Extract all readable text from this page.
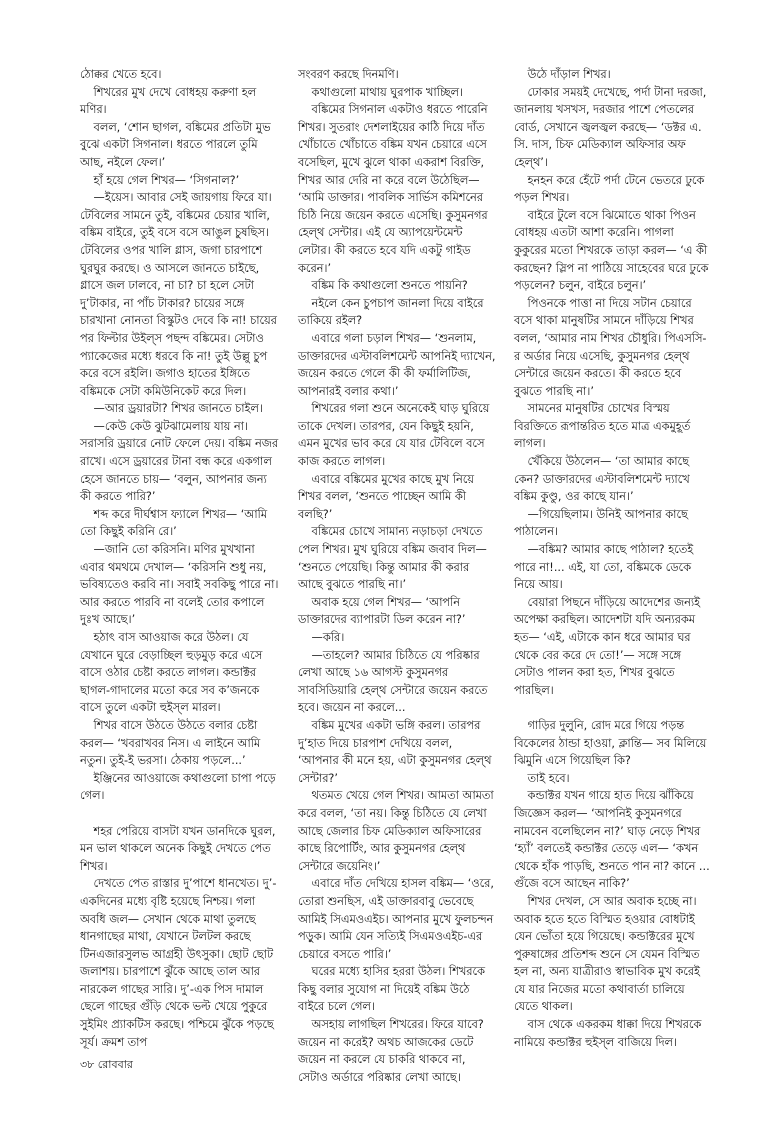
ঠোক্কর খেতে হবে।

শিখরের মুখ দেখে বোধহয় করুণা হল মণির।

বলল, ‘শোন ছাগল, বঙ্কিমের প্রতিটা মুভ বুঝে একটা সিগনাল। ধরতে পারলে তুমি আছ, নইলে ফেল।’

হাঁ হয়ে গেল শিখর— ‘সিগনাল?’

—ইয়েস। আবার সেই জায়গায় ফিরে যা। টেবিলের সামনে তুই, বঙ্কিমের চেয়ার খালি, বঙ্কিম বাইরে, তুই বসে বসে আঙুল চুষছিস। টেবিলের ওপর খালি গ্লাস, জগা চারপাশে ঘুরঘুর করছে। ও আসলে জানতে চাইছে, গ্লাসে জল ঢালবে, না চা? চা হলে সেটা দু’টাকার, না পাঁচ টাকার? চায়ের সঙ্গে চারখানা নোনতা বিস্কুটও দেবে কি না! চায়ের পর ফিল্টার উইল্‌স পছন্দ বঙ্কিমের। সেটাও প্যাকেজের মধ্যে ধরবে কি না! তুই উল্লু চুপ করে বসে রইলি। জগাও হাতের ইঙ্গিতে বঙ্কিমকে সেটা কমিউনিকেট করে দিল।

—আর ড্রয়ারটা? শিখর জানতে চাইল।

—কেউ কেউ ঝুটঝামেলায় যায় না। সরাসরি ড্রয়ারে নোট ফেলে দেয়। বঙ্কিম নজর রাখে। এসে ড্রয়ারের টানা বন্ধ করে একগাল হেসে জানতে চায়— ‘বলুন, আপনার জন্য কী করতে পারি?’

শব্দ করে দীর্ঘশ্বাস ফ্যালে শিখর— ‘আমি তো কিছুই করিনি রে।’

—জানি তো করিসনি। মণির মুখখানা এবার থমথমে দেখাল— ‘করিসনি শুধু নয়, ভবিষ্যতেও করবি না। সবাই সবকিছু পারে না। আর করতে পারবি না বলেই তোর কপালে দুঃখ আছে।’

হঠাৎ বাস আওয়াজ করে উঠল। যে যেখানে ঘুরে বেড়াচ্ছিল হুড়মুড় করে এসে বাসে ওঠার চেষ্টা করতে লাগল। কন্ডাক্টর ছাগল-গাদালের মতো করে সব ক’জনকে বাসে তুলে একটা হুইস্‌ল মারল।

শিখর বাসে উঠতে উঠতে বলার চেষ্টা করল— ‘খবরাখবর নিস। এ লাইনে আমি নতুন। তুই-ই ভরসা। ঠেকায় পড়লে...’

ইঞ্জিনের আওয়াজে কথাগুলো চাপা পড়ে গেল।

শহর পেরিয়ে বাসটা যখন ডানদিকে ঘুরল, মন ভাল থাকলে অনেক কিছুই দেখতে পেত শিখর।

দেখতে পেত রাস্তার দু’পাশে ধানখেত। দু’-একদিনের মধ্যে বৃষ্টি হয়েছে নিশ্চয়। গলা অবধি জল— সেখান থেকে মাথা তুলছে ধানগাছের মাথা, যেখানে টলটল করছে টিনএজারসুলভ আগ্রহী উৎসুকা। ছোট ছোট জলাশয়। চারপাশে ঝুঁকে আছে তাল আর নারকেল গাছের সারি। দু’-এক পিস দামাল ছেলে গাছের গুঁড়ি থেকে ভল্ট খেয়ে পুকুরে সুইমিং প্র্যাকটিস করছে। পশ্চিমে ঝুঁকে পড়ছে সূর্য। ক্রমশ তাপ

সংবরণ করছে দিনমণি।

কথাগুলো মাথায় ঘুরপাক খাচ্ছিল।

বঙ্কিমের সিগনাল একটাও ধরতে পারেনি শিখর। সুতরাং দেশলাইয়ের কাঠি দিয়ে দাঁত খোঁচাতে খোঁচাতে বঙ্কিম যখন চেয়ারে এসে বসেছিল, মুখে ঝুলে থাকা একরাশ বিরক্তি, শিখর আর দেরি না করে বলে উঠেছিল— ‘আমি ডাক্তার। পাবলিক সার্ভিস কমিশনের চিঠি নিয়ে জয়েন করতে এসেছি। কুসুমনগর হেল্‌থ সেন্টার। এই যে অ্যাপয়েন্টমেন্ট লেটার। কী করতে হবে যদি একটু গাইড করেন।’

বঙ্কিম কি কথাগুলো শুনতে পায়নি?

নইলে কেন চুপচাপ জানলা দিয়ে বাইরে তাকিয়ে রইল?

এবারে গলা চড়াল শিখর— ‘শুনলাম, ডাক্তারদের এস্টাবলিশমেন্ট আপনিই দ্যাখেন, জয়েন করতে গেলে কী কী ফর্মালিটিজ, আপনারই বলার কথা।’

শিখরের গলা শুনে অনেকেই ঘাড় ঘুরিয়ে তাকে দেখল। তারপর, যেন কিছুই হয়নি, এমন মুখের ভাব করে যে যার টেবিলে বসে কাজ করতে লাগল।

এবারে বঙ্কিমের মুখের কাছে মুখ নিয়ে শিখর বলল, ‘শুনতে পাচ্ছেন আমি কী বলছি?’

বঙ্কিমের চোখে সামান্য নড়াচড়া দেখতে পেল শিখর। মুখ ঘুরিয়ে বঙ্কিম জবাব দিল— ‘শুনতে পেয়েছি। কিন্তু আমার কী করার আছে বুঝতে পারছি না।’

অবাক হয়ে গেল শিখর— ‘আপনি ডাক্তারদের ব্যাপারটা ডিল করেন না?’

—করি।

—তাহলে? আমার চিঠিতে যে পরিষ্কার লেখা আছে ১৬ আগস্ট কুসুমনগর সাবসিডিয়ারি হেল্‌থ সেন্টারে জয়েন করতে হবে। জয়েন না করলে...

বঙ্কিম মুখের একটা ভঙ্গি করল। তারপর দু’হাত দিয়ে চারপাশ দেখিয়ে বলল, ‘আপনার কী মনে হয়, এটা কুসুমনগর হেল্‌থ সেন্টার?’

থতমত খেয়ে গেল শিখর। আমতা আমতা করে বলল, ‘তা নয়। কিন্তু চিঠিতে যে লেখা আছে জেলার চিফ মেডিক্যাল অফিসারের কাছে রিপোর্টিং, আর কুসুমনগর হেল্‌থ সেন্টারে জয়েনিং।’

এবারে দাঁত দেখিয়ে হাসল বঙ্কিম— ‘ওরে, তোরা শুনছিস, এই ডাক্তারবাবু ভেবেছে আমিই সিএমওএইচ। আপনার মুখে ফুলচন্দন পড়ুক। আমি যেন সত্যিই সিএমওএইচ-এর চেয়ারে বসতে পারি।’

ঘরের মধ্যে হাসির হররা উঠল। শিখরকে কিছু বলার সুযোগ না দিয়েই বঙ্কিম উঠে বাইরে চলে গেল।

অসহায় লাগছিল শিখরের। ফিরে যাবে? জয়েন না করেই? অথচ আজকের ডেটে জয়েন না করলে যে চাকরি থাকবে না, সেটাও অর্ডারে পরিষ্কার লেখা আছে।

উঠে দাঁড়াল শিখর।

ঢোকার সময়ই দেখেছে, পর্দা টানা দরজা, জানলায় খসখস, দরজার পাশে পেতলের বোর্ড, সেখানে জ্বলজ্বল করছে— ‘ডক্টর এ. সি. দাস, চিফ মেডিক্যাল অফিসার অফ হেল্‌থ’।

হনহন করে হেঁটে পর্দা টেনে ভেতরে ঢুকে পড়ল শিখর।

বাইরে টুলে বসে ঝিমোতে থাকা পিওন বোধহয় এতটা আশা করেনি। পাগলা কুকুরের মতো শিখরকে তাড়া করল— ‘এ কী করছেন? স্লিপ না পাঠিয়ে সাহেবের ঘরে ঢুকে পড়লেন? চলুন, বাইরে চলুন।’

পিওনকে পাত্তা না দিয়ে সটান চেয়ারে বসে থাকা মানুষটির সামনে দাঁড়িয়ে শিখর বলল, ‘আমার নাম শিখর চৌধুরি। পিএসসি-র অর্ডার নিয়ে এসেছি, কুসুমনগর হেল্‌থ সেন্টারে জয়েন করতে। কী করতে হবে বুঝতে পারছি না।’

সামনের মানুষটির চোখের বিস্ময় বিরক্তিতে রূপান্তরিত হতে মাত্র একমুহূর্ত লাগল।

খেঁকিয়ে উঠলেন— ‘তা আমার কাছে কেন? ডাক্তারদের এস্টাবলিশমেন্ট দ্যাখে বঙ্কিম কুণ্ডু, ওর কাছে যান।’

—গিয়েছিলাম। উনিই আপনার কাছে পাঠালেন।

—বঙ্কিম? আমার কাছে পাঠাল? হতেই পারে না!... এই, যা তো, বঙ্কিমকে ডেকে নিয়ে আয়।

বেয়ারা পিছনে দাঁড়িয়ে আদেশের জন্যই অপেক্ষা করছিল। আদেশটা যদি অন্যরকম হত— ‘এই, এটাকে কান ধরে আমার ঘর থেকে বের করে দে তো!’— সঙ্গে সঙ্গে সেটাও পালন করা হত, শিখর বুঝতে পারছিল।

গাড়ির দুলুনি, রোদ মরে গিয়ে পড়ন্ত বিকেলের ঠান্ডা হাওয়া, ক্লান্তি— সব মিলিয়ে ঝিমুনি এসে গিয়েছিল কি?

তাই হবে।

কন্ডাক্টর যখন গায়ে হাত দিয়ে ঝাঁকিয়ে জিজ্ঞেস করল— ‘আপনিই কুসুমনগরে নামবেন বলেছিলেন না?’ ঘাড় নেড়ে শিখর ‘হ্যাঁ’ বলতেই কন্ডাক্টর তেড়ে এল— ‘কখন থেকে হাঁক পাড়ছি, শুনতে পান না? কানে ... গুঁজে বসে আছেন নাকি?’

শিখর দেখল, সে আর অবাক হচ্ছে না। অবাক হতে হতে বিস্মিত হওয়ার বোধটাই যেন ভোঁতা হয়ে গিয়েছে। কন্ডাক্টরের মুখে পুরুষাঙ্গের প্রতিশব্দ শুনে সে যেমন বিস্মিত হল না, অন্য যাত্রীরাও স্বাভাবিক মুখ করেই যে যার নিজের মতো কথাবার্তা চালিয়ে যেতে থাকল।

বাস থেকে একরকম ধাক্কা দিয়ে শিখরকে নামিয়ে কন্ডাক্টর হুইস্‌ল বাজিয়ে দিল।

৩৮ রোববার
